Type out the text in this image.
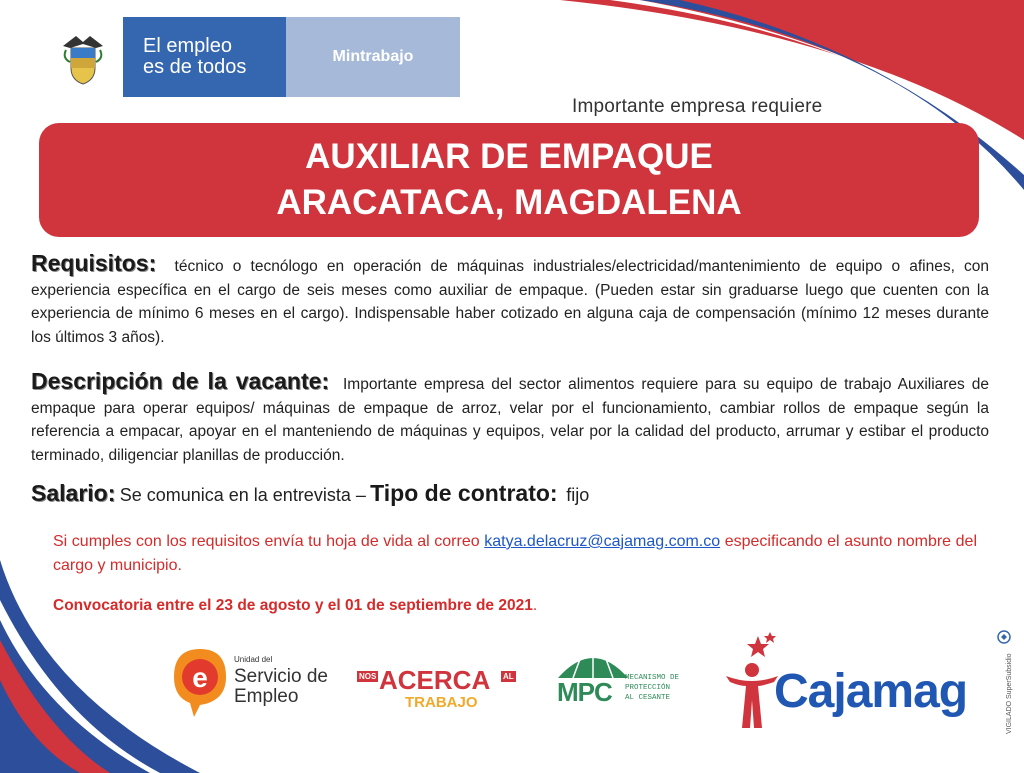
El empleo
es de todos	Mintrabajo
Importante empresa requiere
AUXILIAR DE EMPAQUE
ARACATACA, MAGDALENA
Requisitos: técnico o tecnólogo en operación de máquinas industriales/electricidad/mantenimiento de equipo o afines, con experiencia específica en el cargo de seis meses como auxiliar de empaque. (Pueden estar sin graduarse luego que cuenten con la experiencia de mínimo 6 meses en el cargo). Indispensable haber cotizado en alguna caja de compensación (mínimo 12 meses durante los últimos 3 años).
Descripción de la vacante: Importante empresa del sector alimentos requiere para su equipo de trabajo Auxiliares de empaque para operar equipos/ máquinas de empaque de arroz, velar por el funcionamiento, cambiar rollos de empaque según la referencia a empacar, apoyar en el manteniendo de máquinas y equipos, velar por la calidad del producto, arrumar y estibar el producto terminado, diligenciar planillas de producción.
Salario: Se comunica en la entrevista – Tipo de contrato: fijo
Si cumples con los requisitos envía tu hoja de vida al correo katya.delacruz@cajamag.com.co especificando el asunto nombre del cargo y municipio.
Convocatoria entre el 23 de agosto y el 01 de septiembre de 2021.
e
Unidad del
Servicio de
Empleo
NOS ACERCA AL
TRABAJO	MPC MECANISMO DE
PROTECCIÓN
AL CESANTE Cajamag	VIGILADO SuperSubsidio
